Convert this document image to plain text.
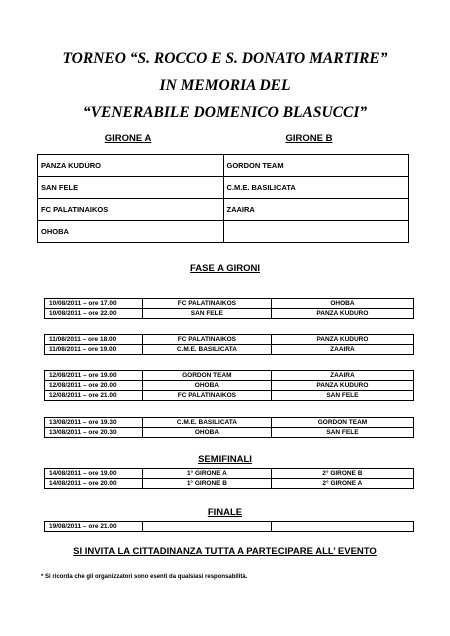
TORNEO “S. ROCCO E S. DONATO MARTIRE”
IN MEMORIA DEL
“VENERABILE DOMENICO BLASUCCI”
GIRONE A	GIRONE B
PANZA KUDURO	GORDON TEAM
SAN FELE	C.M.E. BASILICATA
FC PALATINAIKOS	ZAAIRA
OHOBA	
FASE A GIRONI
10/08/2011 – ore 17.00	FC PALATINAIKOS	OHOBA
10/08/2011 – ore 22.00	SAN FELE	PANZA KUDURO
11/08/2011 – ore 18.00	FC PALATINAIKOS	PANZA KUDURO
11/08/2011 – ore 19.00	C.M.E. BASILICATA	ZAAIRA
12/08/2011 – ore 19.00	GORDON TEAM	ZAAIRA
12/08/2011 – ore 20.00	OHOBA	PANZA KUDURO
12/08/2011 – ore 21.00	FC PALATINAIKOS	SAN FELE
13/08/2011 – ore 19.30	C.M.E. BASILICATA	GORDON TEAM
13/08/2011 – ore 20.30	OHOBA	SAN FELE
SEMIFINALI
14/08/2011 – ore 19.00	1° GIRONE A	2° GIRONE B
14/08/2011 – ore 20.00	1° GIRONE B	2° GIRONE A
FINALE
19/08/2011 – ore 21.00		
SI INVITA LA CITTADINANZA TUTTA A PARTECIPARE ALL’ EVENTO
* Si ricorda che gli organizzatori sono esenti da qualsiasi responsabilità.
